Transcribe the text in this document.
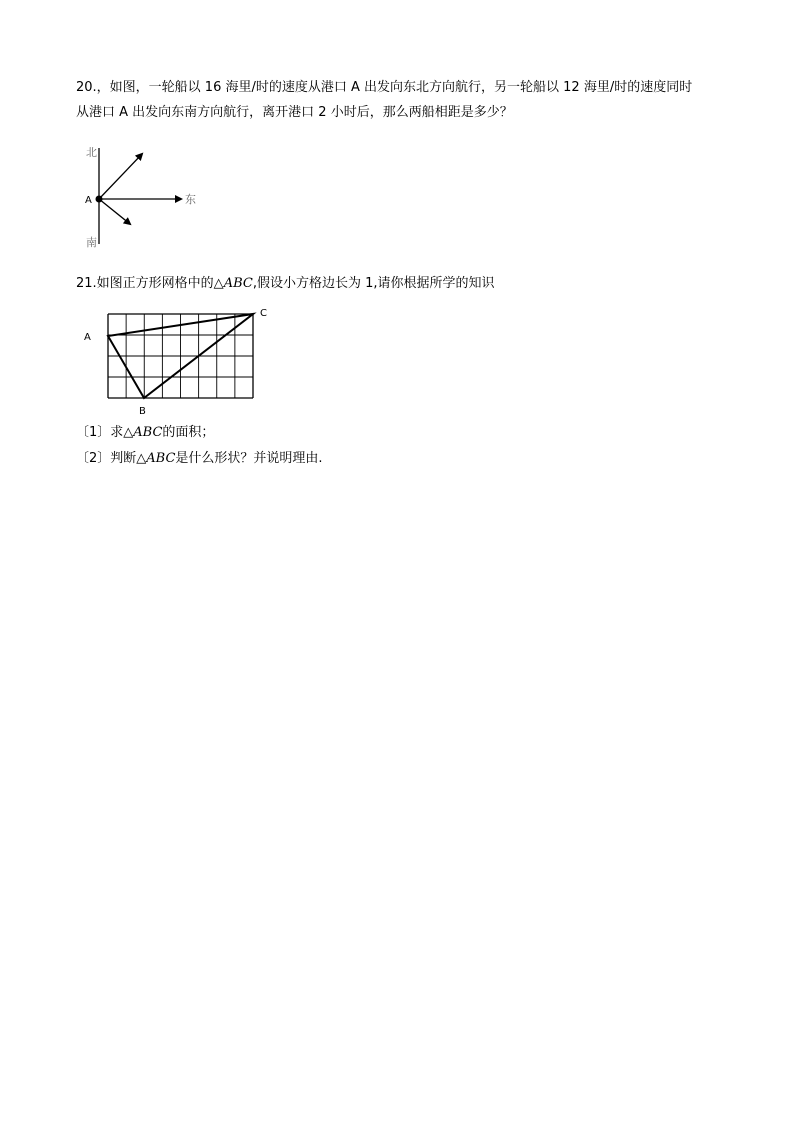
20.，如图，一轮船以 16 海里/时的速度从港口 A 出发向东北方向航行，另一轮船以 12 海里/时的速度同时
从港口 A 出发向东南方向航行，离开港口 2 小时后，那么两船相距是多少？
北
南
东
A
21.如图正方形网格中的△ABC,假设小方格边长为 1,请你根据所学的知识
A
B
C
〔1〕求△ABC的面积；
〔2〕判断△ABC是什么形状？并说明理由.
